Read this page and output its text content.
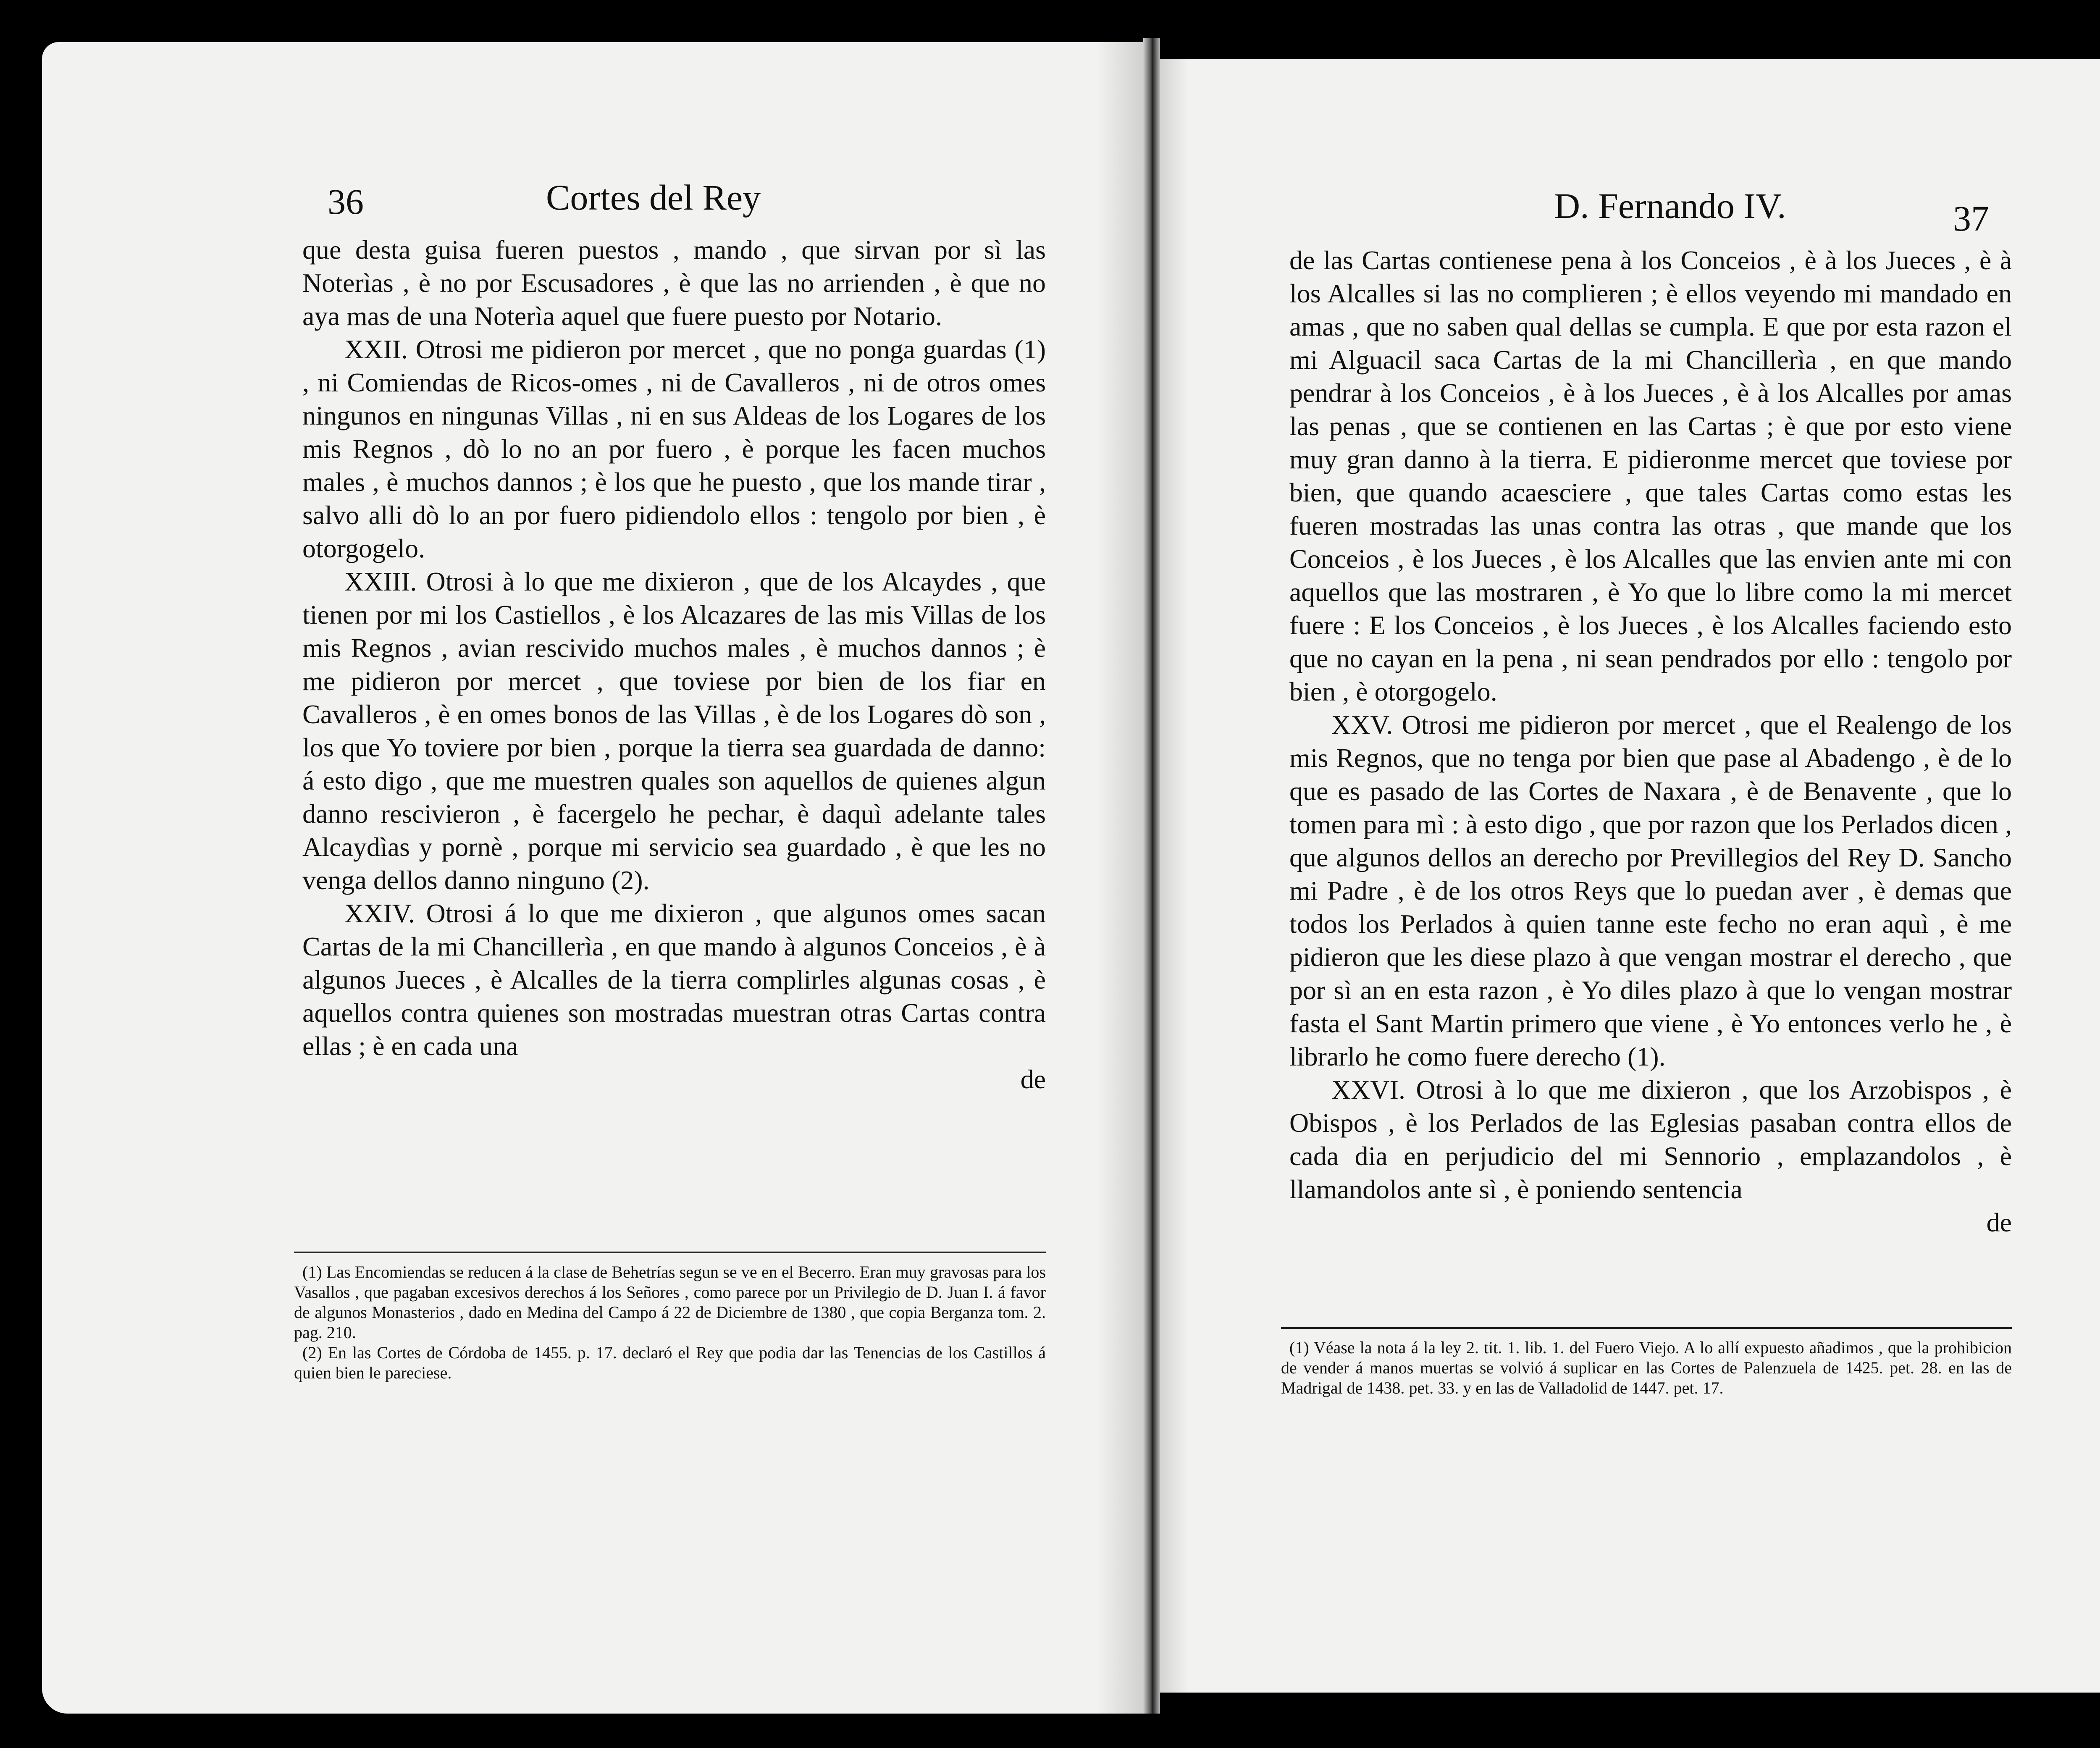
36	Cortes del Rey

que desta guisa fueren puestos , mando , que sirvan por sì las Noterìas , è no por Escusadores , è que las no arrienden , è que no aya mas de una Noterìa aquel que fuere puesto por Notario.

XXII. Otrosi me pidieron por mercet , que no ponga guardas (1) , ni Comiendas de Ricos-omes , ni de Cavalleros , ni de otros omes ningunos en ningunas Villas , ni en sus Aldeas de los Logares de los mis Regnos , dò lo no an por fuero , è porque les facen muchos males , è muchos dannos ; è los que he puesto , que los mande tirar , salvo alli dò lo an por fuero pidiendolo ellos : tengolo por bien , è otorgogelo.

XXIII. Otrosi à lo que me dixieron , que de los Alcaydes , que tienen por mi los Castiellos , è los Alcazares de las mis Villas de los mis Regnos , avian rescivido muchos males , è muchos dannos ; è me pidieron por mercet , que toviese por bien de los fiar en Cavalleros , è en omes bonos de las Villas , è de los Logares dò son , los que Yo toviere por bien , porque la tierra sea guardada de danno: á esto digo , que me muestren quales son aquellos de quienes algun danno rescivieron , è facergelo he pechar, è daquì adelante tales Alcaydìas y pornè , porque mi servicio sea guardado , è que les no venga dellos danno ninguno (2).

XXIV. Otrosi á lo que me dixieron , que algunos omes sacan Cartas de la mi Chancillerìa , en que mando à algunos Conceios , è à algunos Jueces , è Alcalles de la tierra complirles algunas cosas , è aquellos contra quienes son mostradas muestran otras Cartas contra ellas ; è en cada una

de

(1) Las Encomiendas se reducen á la clase de Behetrías segun se ve en el Becerro. Eran muy gravosas para los Vasallos , que pagaban excesivos derechos á los Señores , como parece por un Privilegio de D. Juan I. á favor de algunos Monasterios , dado en Medina del Campo á 22 de Diciembre de 1380 , que copia Berganza tom. 2. pag. 210.

(2) En las Cortes de Córdoba de 1455. p. 17. declaró el Rey que podia dar las Tenencias de los Castillos á quien bien le pareciese.

D. Fernando IV.	37

de las Cartas contienese pena à los Conceios , è à los Jueces , è à los Alcalles si las no complieren ; è ellos veyendo mi mandado en amas , que no saben qual dellas se cumpla. E que por esta razon el mi Alguacil saca Cartas de la mi Chancillerìa , en que mando pendrar à los Conceios , è à los Jueces , è à los Alcalles por amas las penas , que se contienen en las Cartas ; è que por esto viene muy gran danno à la tierra. E pidieronme mercet que toviese por bien, que quando acaesciere , que tales Cartas como estas les fueren mostradas las unas contra las otras , que mande que los Conceios , è los Jueces , è los Alcalles que las envien ante mi con aquellos que las mostraren , è Yo que lo libre como la mi mercet fuere : E los Conceios , è los Jueces , è los Alcalles faciendo esto que no cayan en la pena , ni sean pendrados por ello : tengolo por bien , è otorgogelo.

XXV. Otrosi me pidieron por mercet , que el Realengo de los mis Regnos, que no tenga por bien que pase al Abadengo , è de lo que es pasado de las Cortes de Naxara , è de Benavente , que lo tomen para mì : à esto digo , que por razon que los Perlados dicen , que algunos dellos an derecho por Previllegios del Rey D. Sancho mi Padre , è de los otros Reys que lo puedan aver , è demas que todos los Perlados à quien tanne este fecho no eran aquì , è me pidieron que les diese plazo à que vengan mostrar el derecho , que por sì an en esta razon , è Yo diles plazo à que lo vengan mostrar fasta el Sant Martin primero que viene , è Yo entonces verlo he , è librarlo he como fuere derecho (1).

XXVI. Otrosi à lo que me dixieron , que los Arzobispos , è Obispos , è los Perlados de las Eglesias pasaban contra ellos de cada dia en perjudicio del mi Sennorio , emplazandolos , è llamandolos ante sì , è poniendo sentencia

de

(1) Véase la nota á la ley 2. tit. 1. lib. 1. del Fuero Viejo. A lo allí expuesto añadimos , que la prohibicion de vender á manos muertas se volvió á suplicar en las Cortes de Palenzuela de 1425. pet. 28. en las de Madrigal de 1438. pet. 33. y en las de Valladolid de 1447. pet. 17.
